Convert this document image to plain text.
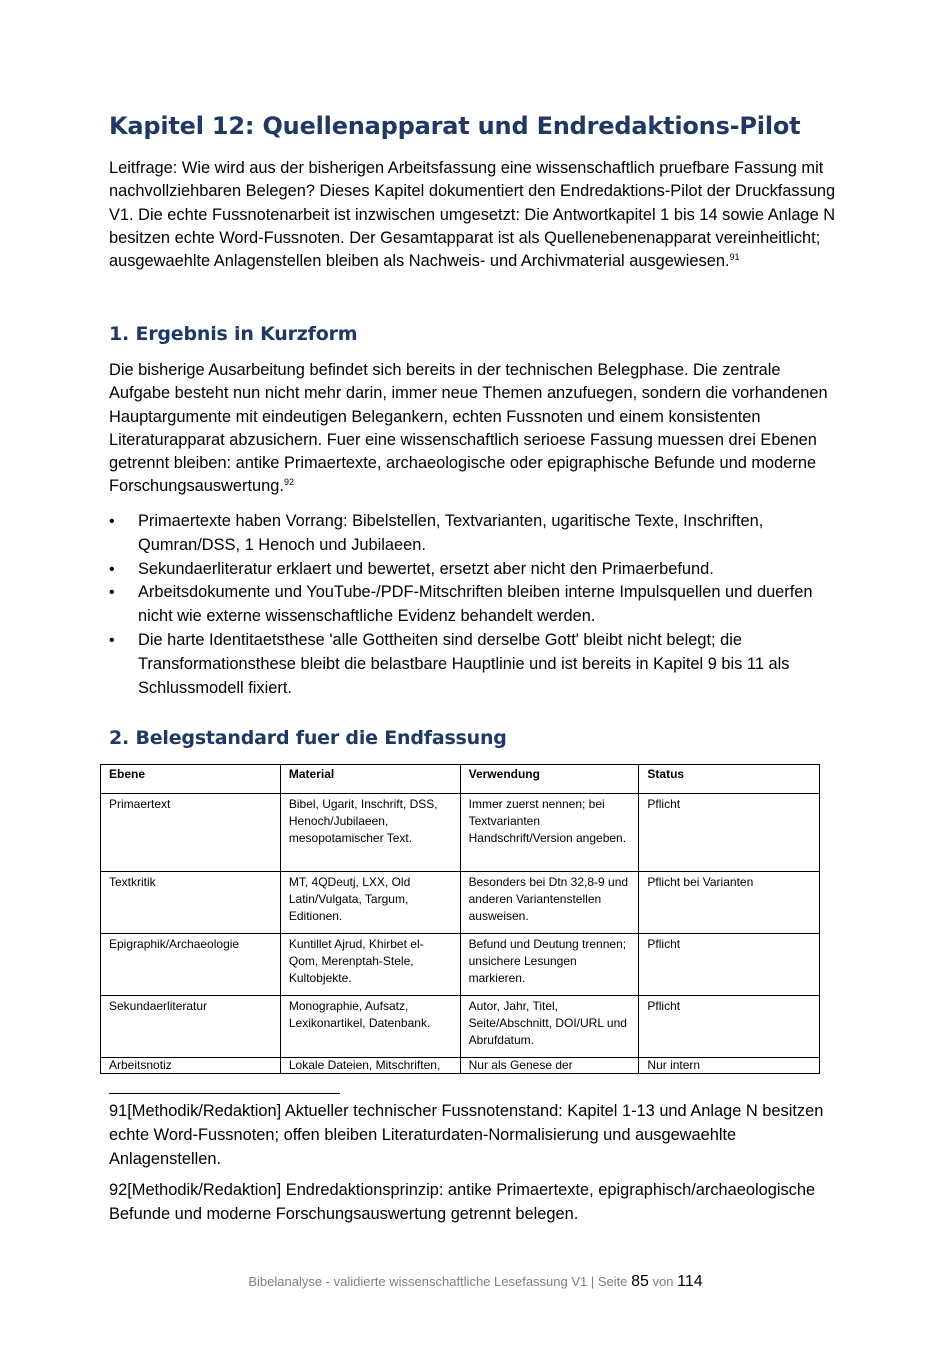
Kapitel 12: Quellenapparat und Endredaktions-Pilot

Leitfrage: Wie wird aus der bisherigen Arbeitsfassung eine wissenschaftlich pruefbare Fassung mit nachvollziehbaren Belegen? Dieses Kapitel dokumentiert den Endredaktions-Pilot der Druckfassung V1. Die echte Fussnotenarbeit ist inzwischen umgesetzt: Die Antwortkapitel 1 bis 14 sowie Anlage N besitzen echte Word-Fussnoten. Der Gesamtapparat ist als Quellenebenenapparat vereinheitlicht; ausgewaehlte Anlagenstellen bleiben als Nachweis- und Archivmaterial ausgewiesen.$^{91}$

1. Ergebnis in Kurzform

Die bisherige Ausarbeitung befindet sich bereits in der technischen Belegphase. Die zentrale Aufgabe besteht nun nicht mehr darin, immer neue Themen anzufuegen, sondern die vorhandenen Hauptargumente mit eindeutigen Belegankern, echten Fussnoten und einem konsistenten Literaturapparat abzusichern. Fuer eine wissenschaftlich serioese Fassung muessen drei Ebenen getrennt bleiben: antike Primaertexte, archaeologische oder epigraphische Befunde und moderne Forschungsauswertung.$^{92}$

• Primaertexte haben Vorrang: Bibelstellen, Textvarianten, ugaritische Texte, Inschriften, Qumran/DSS, 1 Henoch und Jubilaeen.
• Sekundaerliteratur erklaert und bewertet, ersetzt aber nicht den Primaerbefund.
• Arbeitsdokumente und YouTube-/PDF-Mitschriften bleiben interne Impulsquellen und duerfen nicht wie externe wissenschaftliche Evidenz behandelt werden.
• Die harte Identitaetsthese 'alle Gottheiten sind derselbe Gott' bleibt nicht belegt; die Transformationsthese bleibt die belastbare Hauptlinie und ist bereits in Kapitel 9 bis 11 als Schlussmodell fixiert.
2. Belegstandard fuer die Endfassung
Ebene	Material	Verwendung	Status
Primaertext	Bibel, Ugarit, Inschrift, DSS, Henoch/Jubilaeen, mesopotamischer Text.	Immer zuerst nennen; bei Textvarianten Handschrift/Version angeben.	Pflicht
Textkritik	MT, 4QDeutj, LXX, Old Latin/Vulgata, Targum, Editionen.	Besonders bei Dtn 32,8-9 und anderen Variantenstellen ausweisen.	Pflicht bei Varianten
Epigraphik/Archaeologie	Kuntillet Ajrud, Khirbet el-Qom, Merenptah-Stele, Kultobjekte.	Befund und Deutung trennen; unsichere Lesungen markieren.	Pflicht
Sekundaerliteratur	Monographie, Aufsatz, Lexikonartikel, Datenbank.	Autor, Jahr, Titel, Seite/Abschnitt, DOI/URL und Abrufdatum.	Pflicht
Arbeitsnotiz	Lokale Dateien, Mitschriften,	Nur als Genese der	Nur intern

91[Methodik/Redaktion] Aktueller technischer Fussnotenstand: Kapitel 1-13 und Anlage N besitzen echte Word-Fussnoten; offen bleiben Literaturdaten-Normalisierung und ausgewaehlte Anlagenstellen.

92[Methodik/Redaktion] Endredaktionsprinzip: antike Primaertexte, epigraphisch/archaeologische Befunde und moderne Forschungsauswertung getrennt belegen.

Bibelanalyse - validierte wissenschaftliche Lesefassung V1 | Seite 85 von 114
